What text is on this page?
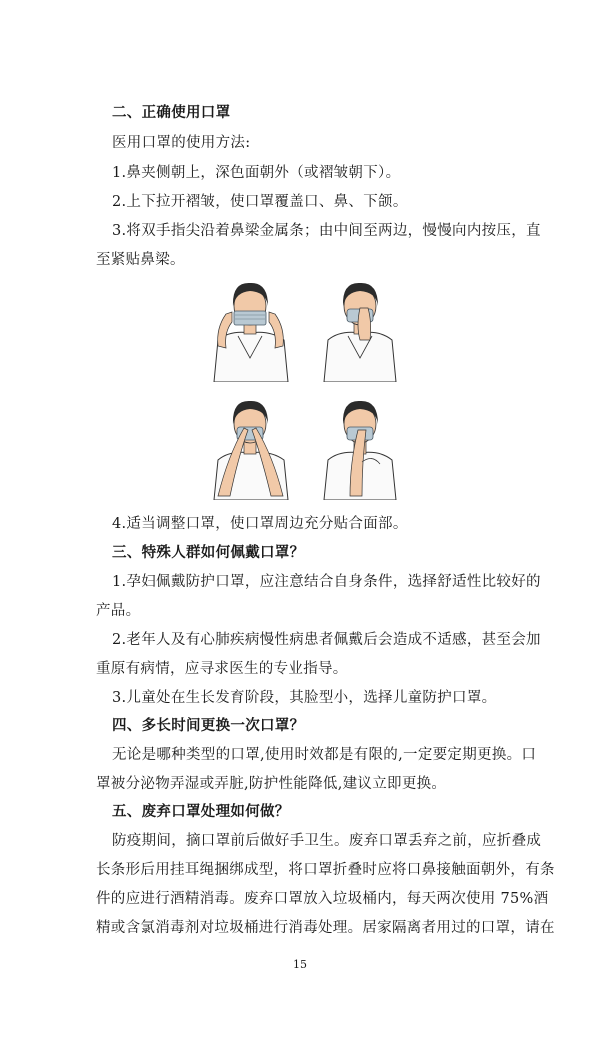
二、正确使用口罩
医用口罩的使用方法:
1.鼻夹侧朝上，深色面朝外（或褶皱朝下）。
2.上下拉开褶皱，使口罩覆盖口、鼻、下颌。
3.将双手指尖沿着鼻梁金属条；由中间至两边，慢慢向内按压，直
至紧贴鼻梁。
4.适当调整口罩，使口罩周边充分贴合面部。
三、特殊人群如何佩戴口罩？
1.孕妇佩戴防护口罩，应注意结合自身条件，选择舒适性比较好的
产品。
2.老年人及有心肺疾病慢性病患者佩戴后会造成不适感，甚至会加
重原有病情，应寻求医生的专业指导。
3.儿童处在生长发育阶段，其脸型小，选择儿童防护口罩。
四、多长时间更换一次口罩？
无论是哪种类型的口罩,使用时效都是有限的,一定要定期更换。口
罩被分泌物弄湿或弄脏,防护性能降低,建议立即更换。
五、废弃口罩处理如何做？
防疫期间，摘口罩前后做好手卫生。废弃口罩丢弃之前，应折叠成
长条形后用挂耳绳捆绑成型，将口罩折叠时应将口鼻接触面朝外，有条
件的应进行酒精消毒。废弃口罩放入垃圾桶内，每天两次使用 75%酒
精或含氯消毒剂对垃圾桶进行消毒处理。居家隔离者用过的口罩，请在
15
